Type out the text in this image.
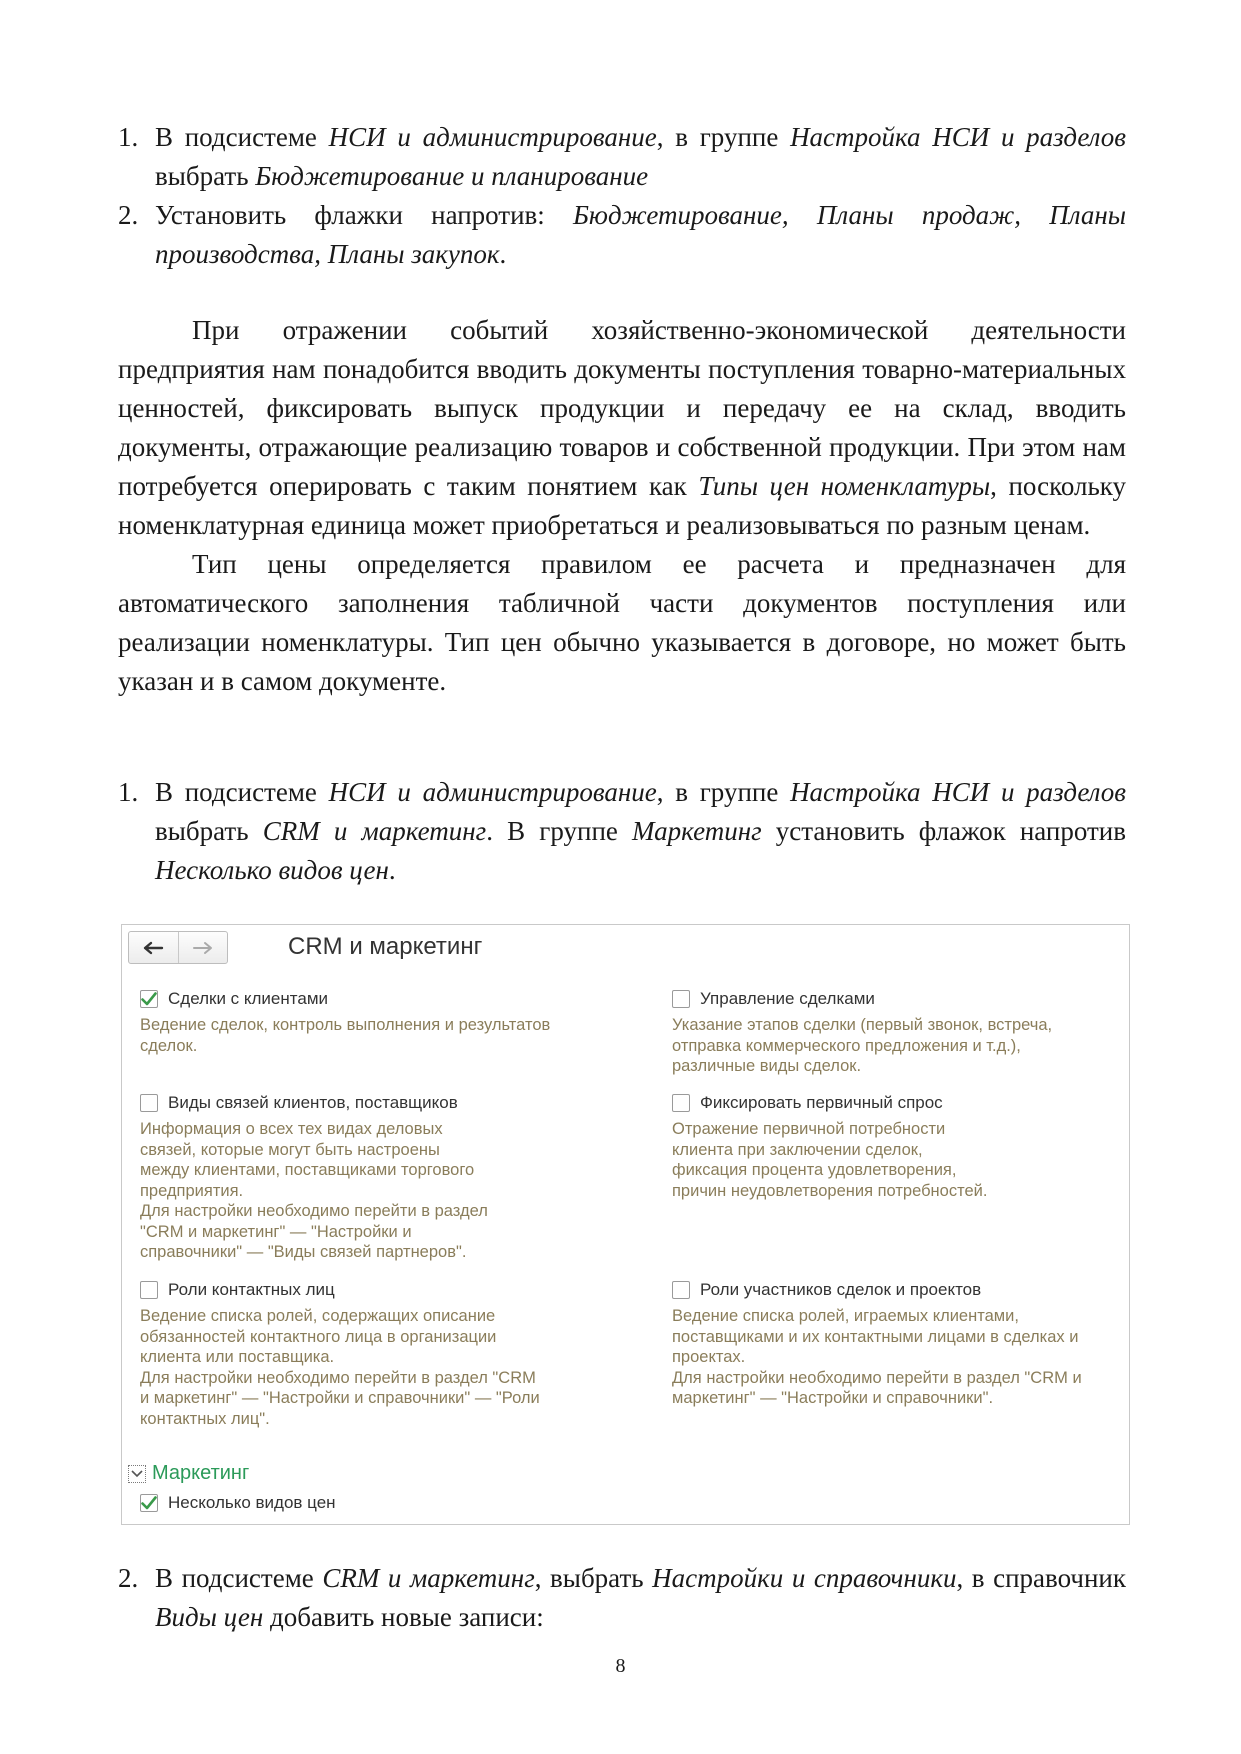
1. В подсистеме НСИ и администрирование, в группе Настройка НСИ и разделов выбрать Бюджетирование и планирование
2. Установить флажки напротив: Бюджетирование, Планы продаж, Планы производства, Планы закупок.

При отражении событий хозяйственно-экономической деятельности предприятия нам понадобится вводить документы поступления товарно-материальных ценностей, фиксировать выпуск продукции и передачу ее на склад, вводить документы, отражающие реализацию товаров и собственной продукции. При этом нам потребуется оперировать с таким понятием как Типы цен номенклатуры, поскольку номенклатурная единица может приобретаться и реализовываться по разным ценам.

Тип цены определяется правилом ее расчета и предназначен для автоматического заполнения табличной части документов поступления или реализации номенклатуры. Тип цен обычно указывается в договоре, но может быть указан и в самом документе.

1. В подсистеме НСИ и администрирование, в группе Настройка НСИ и разделов выбрать CRM и маркетинг. В группе Маркетинг установить флажок напротив Несколько видов цен.
CRM и маркетинг
Сделки с клиентами
Ведение сделок, контроль выполнения и результатов сделок.
Управление сделками
Указание этапов сделки (первый звонок, встреча,
отправка коммерческого предложения и т.д.),
различные виды сделок.
Виды связей клиентов, поставщиков
Информация о всех тех видах деловых
связей, которые могут быть настроены
между клиентами, поставщиками торгового
предприятия.
Для настройки необходимо перейти в раздел
"CRM и маркетинг" — "Настройки и
справочники" — "Виды связей партнеров".
Фиксировать первичный спрос
Отражение первичной потребности
клиента при заключении сделок,
фиксация процента удовлетворения,
причин неудовлетворения потребностей.
Роли контактных лиц
Ведение списка ролей, содержащих описание
обязанностей контактного лица в организации
клиента или поставщика.
Для настройки необходимо перейти в раздел "CRM
и маркетинг" — "Настройки и справочники" — "Роли
контактных лиц".
Роли участников сделок и проектов
Ведение списка ролей, играемых клиентами,
поставщиками и их контактными лицами в сделках и
проектах.
Для настройки необходимо перейти в раздел "CRM и
маркетинг" — "Настройки и справочники".
Маркетинг
Несколько видов цен
2. В подсистеме CRM и маркетинг, выбрать Настройки и справочники, в справочник Виды цен добавить новые записи:
8
